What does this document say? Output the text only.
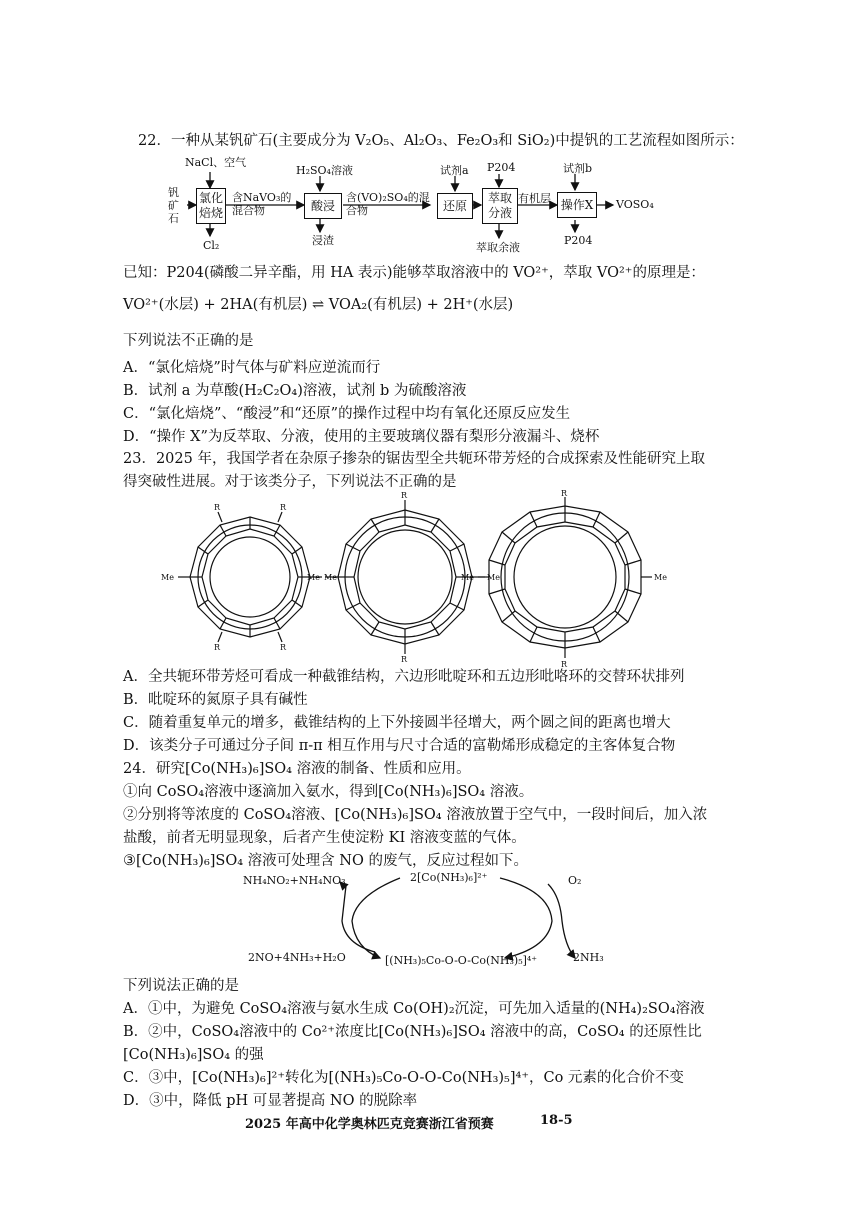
22．一种从某钒矿石(主要成分为 V₂O₅、Al₂O₃、Fe₂O₃和 SiO₂)中提钒的工艺流程如图所示：
钒矿石
NaCl、空气
氯化焙烧
Cl₂
含NaVO₃的混合物
H₂SO₄溶液
酸浸
浸渣
含(VO)₂SO₄的混合物
试剂a
还原
P204
萃取分液
萃取余液
有机层
试剂b
操作X
P204
VOSO₄
已知：P204(磷酸二异辛酯，用 HA 表示)能够萃取溶液中的 VO²⁺，萃取 VO²⁺的原理是：
VO²⁺(水层) + 2HA(有机层) ⇌ VOA₂(有机层) + 2H⁺(水层)
下列说法不正确的是
A．“氯化焙烧”时气体与矿料应逆流而行
B．试剂 a 为草酸(H₂C₂O₄)溶液，试剂 b 为硫酸溶液
C．“氯化焙烧”、“酸浸”和“还原”的操作过程中均有氧化还原反应发生
D．“操作 X”为反萃取、分液，使用的主要玻璃仪器有梨形分液漏斗、烧杯
23．2025 年，我国学者在杂原子掺杂的锯齿型全共轭环带芳烃的合成探索及性能研究上取
得突破性进展。对于该类分子，下列说法不正确的是
R	R
R	R
Me	Me
R
R
Me	Me
R
R
Me	Me
A．全共轭环带芳烃可看成一种截锥结构，六边形吡啶环和五边形吡咯环的交替环状排列
B．吡啶环的氮原子具有碱性
C．随着重复单元的增多，截锥结构的上下外接圆半径增大，两个圆之间的距离也增大
D．该类分子可通过分子间 π-π 相互作用与尺寸合适的富勒烯形成稳定的主客体复合物
24．研究[Co(NH₃)₆]SO₄ 溶液的制备、性质和应用。
①向 CoSO₄溶液中逐滴加入氨水，得到[Co(NH₃)₆]SO₄ 溶液。
②分别将等浓度的 CoSO₄溶液、[Co(NH₃)₆]SO₄ 溶液放置于空气中，一段时间后，加入浓
盐酸，前者无明显现象，后者产生使淀粉 KI 溶液变蓝的气体。
③[Co(NH₃)₆]SO₄ 溶液可处理含 NO 的废气，反应过程如下。
NH₄NO₂+NH₄NO₃	2[Co(NH₃)₆]²⁺	O₂
2NO+4NH₃+H₂O	[(NH₃)₅Co-O-O-Co(NH₃)₅]⁴⁺	2NH₃
下列说法正确的是
A．①中，为避免 CoSO₄溶液与氨水生成 Co(OH)₂沉淀，可先加入适量的(NH₄)₂SO₄溶液
B．②中，CoSO₄溶液中的 Co²⁺浓度比[Co(NH₃)₆]SO₄ 溶液中的高，CoSO₄ 的还原性比
[Co(NH₃)₆]SO₄ 的强
C．③中，[Co(NH₃)₆]²⁺转化为[(NH₃)₅Co-O-O-Co(NH₃)₅]⁴⁺，Co 元素的化合价不变
D．③中，降低 pH 可显著提高 NO 的脱除率
2025 年高中化学奥林匹克竞赛浙江省预赛	18-5
